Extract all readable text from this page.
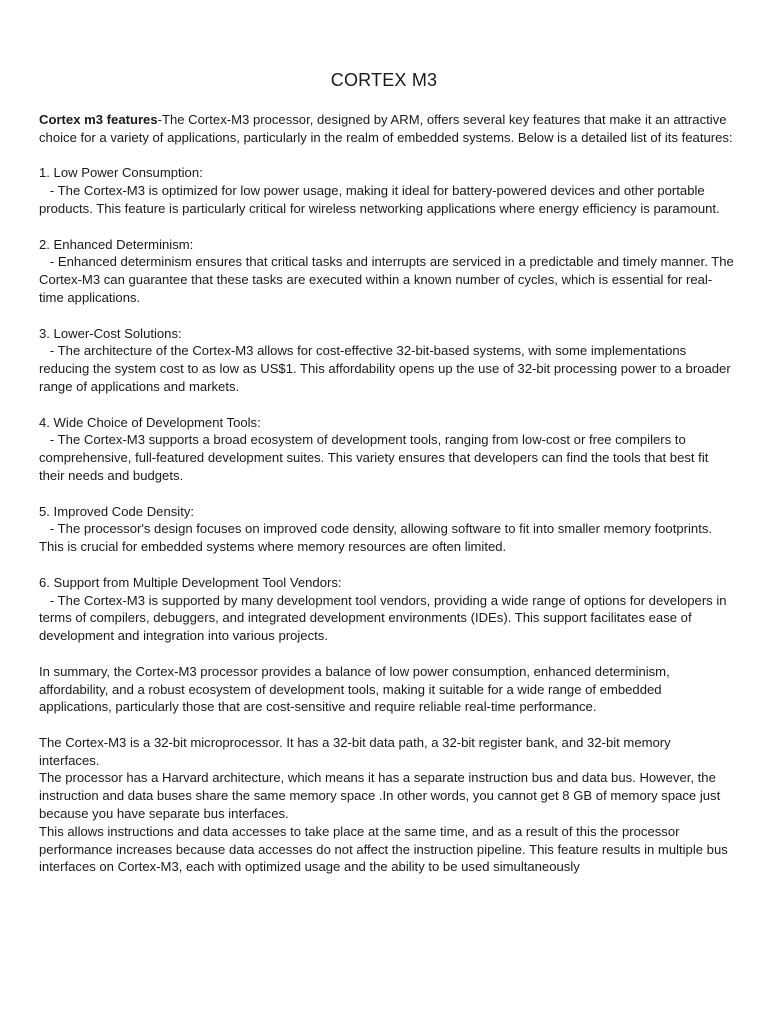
CORTEX M3

Cortex m3 features-The Cortex-M3 processor, designed by ARM, offers several key features that make it an attractive choice for a variety of applications, particularly in the realm of embedded systems. Below is a detailed list of its features:

1. Low Power Consumption:

- The Cortex-M3 is optimized for low power usage, making it ideal for battery-powered devices and other portable products. This feature is particularly critical for wireless networking applications where energy efficiency is paramount.

2. Enhanced Determinism:

- Enhanced determinism ensures that critical tasks and interrupts are serviced in a predictable and timely manner. The Cortex-M3 can guarantee that these tasks are executed within a known number of cycles, which is essential for real-time applications.

3. Lower-Cost Solutions:

- The architecture of the Cortex-M3 allows for cost-effective 32-bit-based systems, with some implementations reducing the system cost to as low as US$1. This affordability opens up the use of 32-bit processing power to a broader range of applications and markets.

4. Wide Choice of Development Tools:

- The Cortex-M3 supports a broad ecosystem of development tools, ranging from low-cost or free compilers to comprehensive, full-featured development suites. This variety ensures that developers can find the tools that best fit their needs and budgets.

5. Improved Code Density:

- The processor's design focuses on improved code density, allowing software to fit into smaller memory footprints. This is crucial for embedded systems where memory resources are often limited.

6. Support from Multiple Development Tool Vendors:

- The Cortex-M3 is supported by many development tool vendors, providing a wide range of options for developers in terms of compilers, debuggers, and integrated development environments (IDEs). This support facilitates ease of development and integration into various projects.

In summary, the Cortex-M3 processor provides a balance of low power consumption, enhanced determinism, affordability, and a robust ecosystem of development tools, making it suitable for a wide range of embedded applications, particularly those that are cost-sensitive and require reliable real-time performance.

The Cortex-M3 is a 32-bit microprocessor. It has a 32-bit data path, a 32-bit register bank, and 32-bit memory interfaces.

The processor has a Harvard architecture, which means it has a separate instruction bus and data bus. However, the instruction and data buses share the same memory space .In other words, you cannot get 8 GB of memory space just because you have separate bus interfaces.

This allows instructions and data accesses to take place at the same time, and as a result of this the processor performance increases because data accesses do not affect the instruction pipeline. This feature results in multiple bus interfaces on Cortex-M3, each with optimized usage and the ability to be used simultaneously
